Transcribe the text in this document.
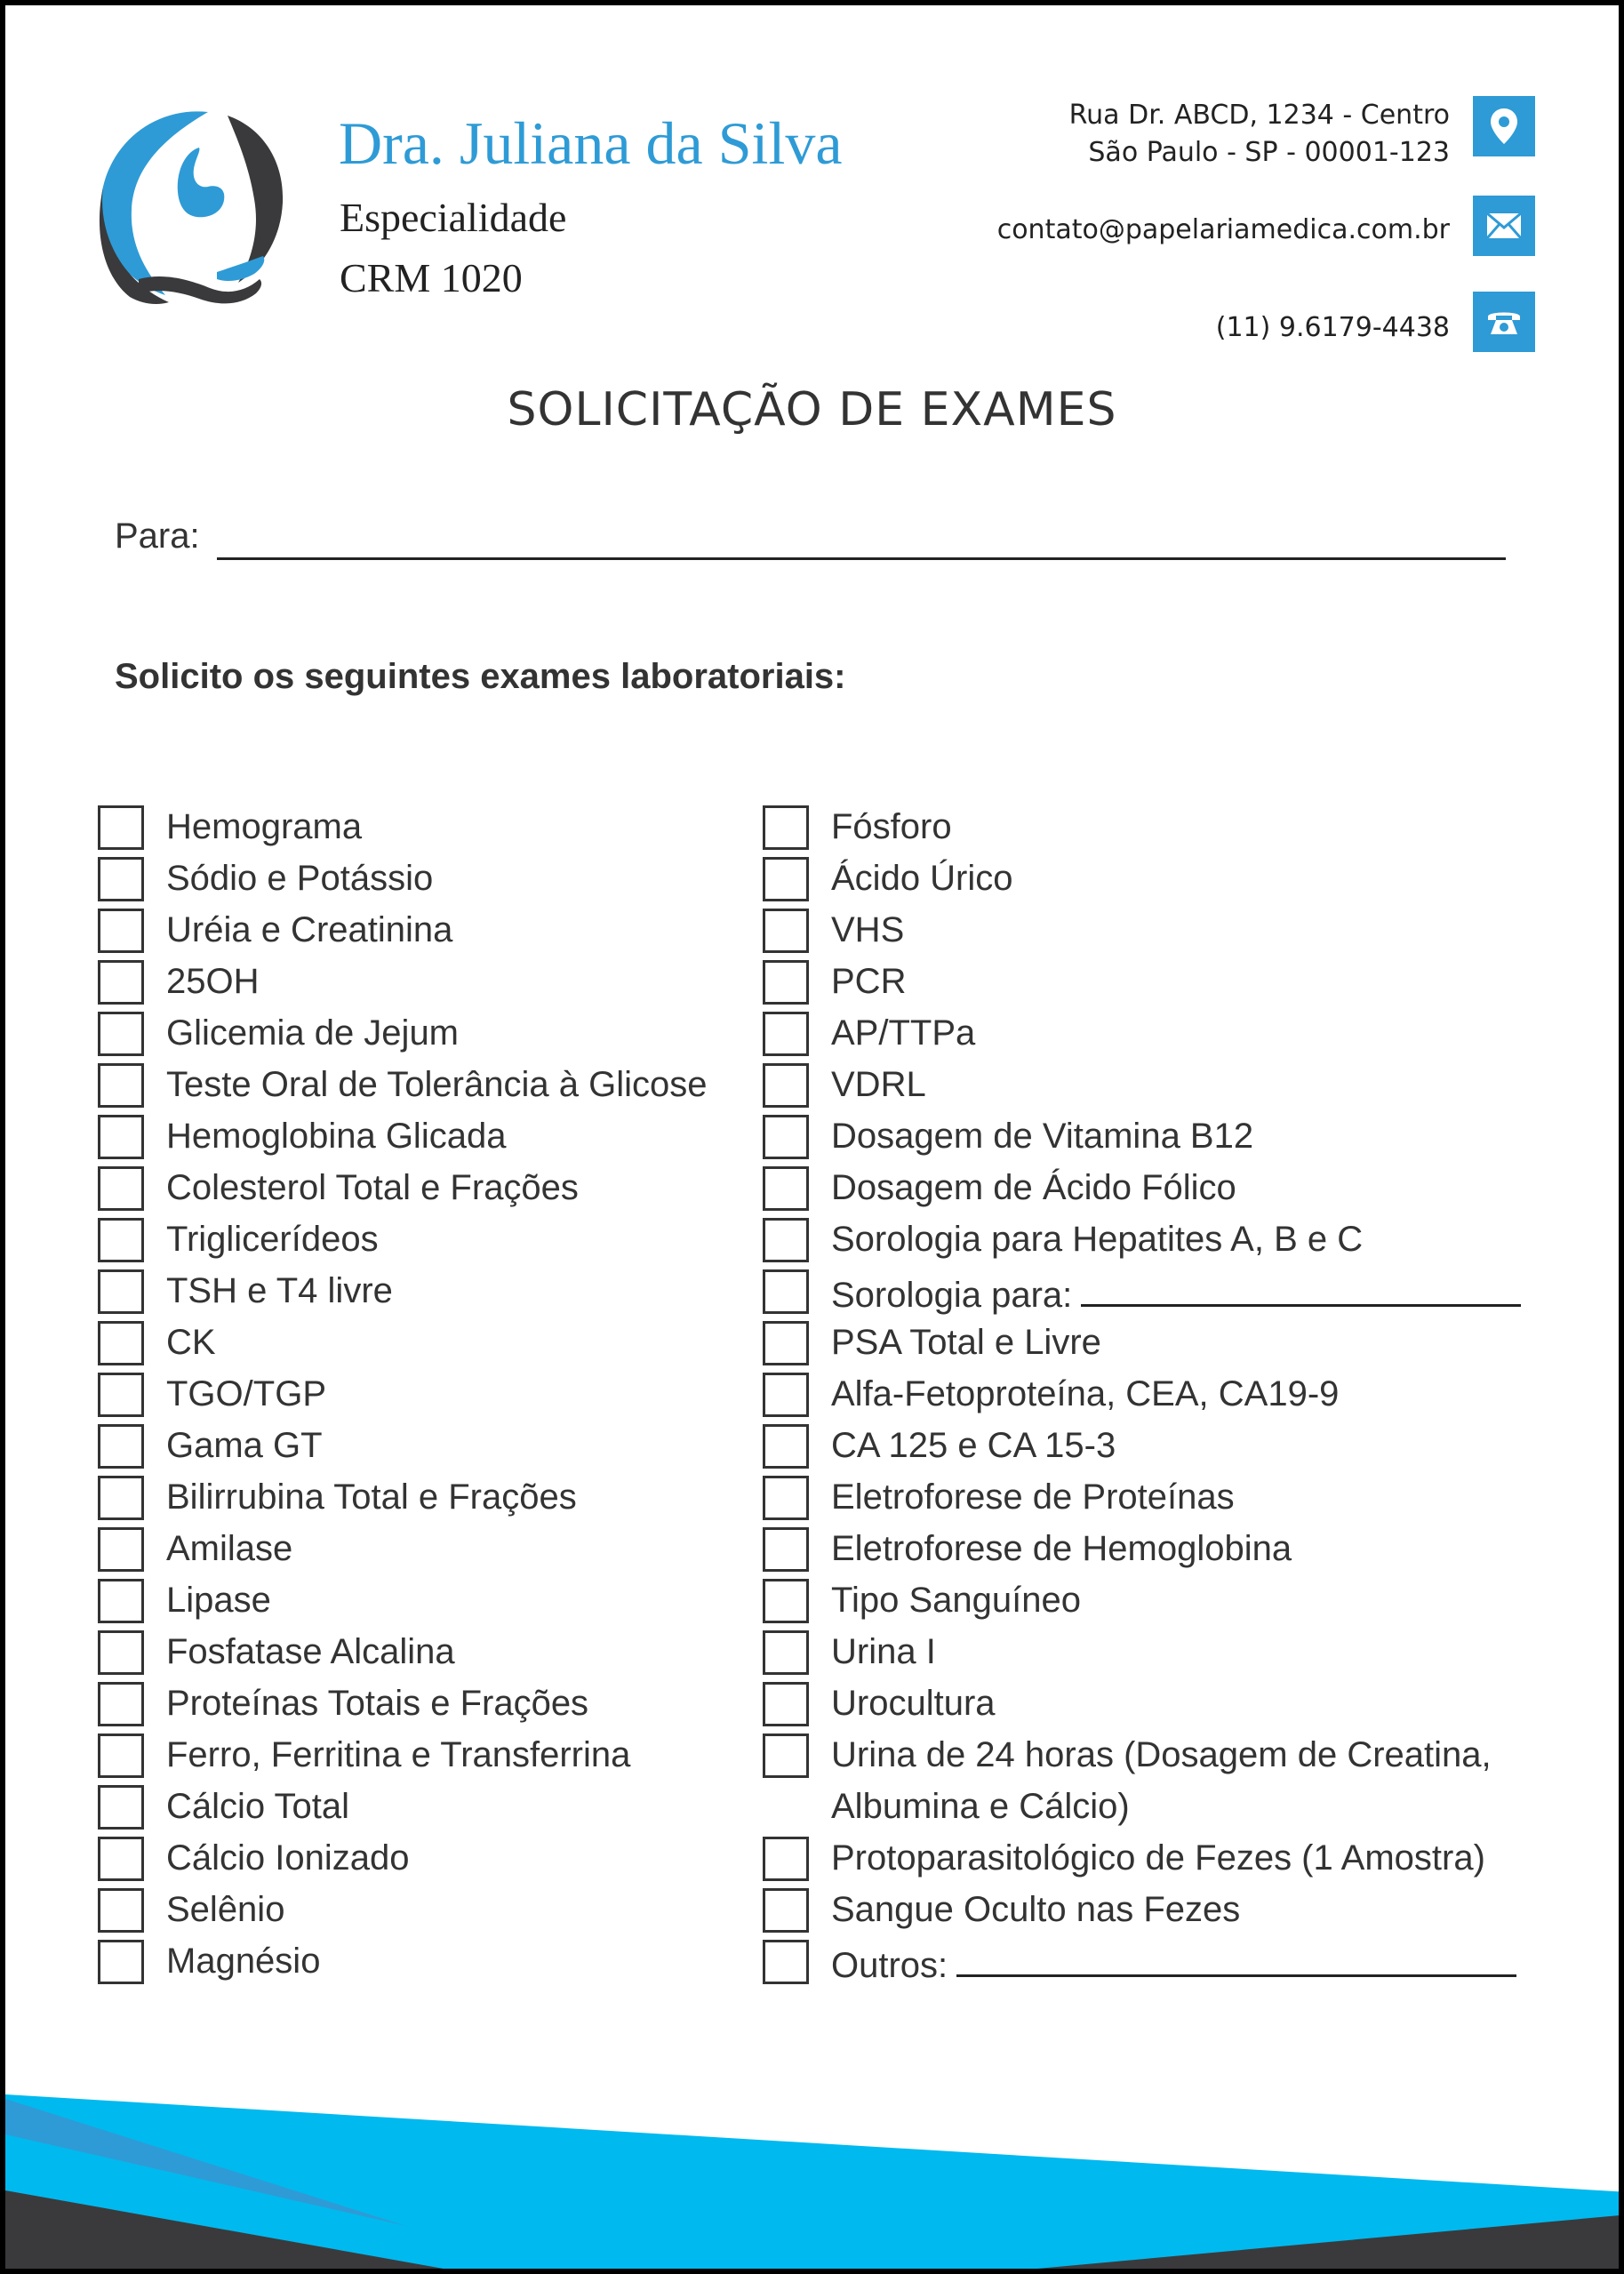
Dra. Juliana da Silva
Especialidade
CRM 1020
Rua Dr. ABCD, 1234 - Centro
São Paulo - SP - 00001-123
contato@papelariamedica.com.br
(11) 9.6179-4438
SOLICITAÇÃO DE EXAMES
Para:
Solicito os seguintes exames laboratoriais:
Hemograma
Sódio e Potássio
Uréia e Creatinina
25OH
Glicemia de Jejum
Teste Oral de Tolerância à Glicose
Hemoglobina Glicada
Colesterol Total e Frações
Triglicerídeos
TSH e T4 livre
CK
TGO/TGP
Gama GT
Bilirrubina Total e Frações
Amilase
Lipase
Fosfatase Alcalina
Proteínas Totais e Frações
Ferro, Ferritina e Transferrina
Cálcio Total
Cálcio Ionizado
Selênio
Magnésio
Fósforo
Ácido Úrico
VHS
PCR
AP/TTPa
VDRL
Dosagem de Vitamina B12
Dosagem de Ácido Fólico
Sorologia para Hepatites A, B e C
Sorologia para:
PSA Total e Livre
Alfa-Fetoproteína, CEA, CA19-9
CA 125 e CA 15-3
Eletroforese de Proteínas
Eletroforese de Hemoglobina
Tipo Sanguíneo
Urina I
Urocultura
Urina de 24 horas (Dosagem de Creatina,
Albumina e Cálcio)
Protoparasitológico de Fezes (1 Amostra)
Sangue Oculto nas Fezes
Outros:
